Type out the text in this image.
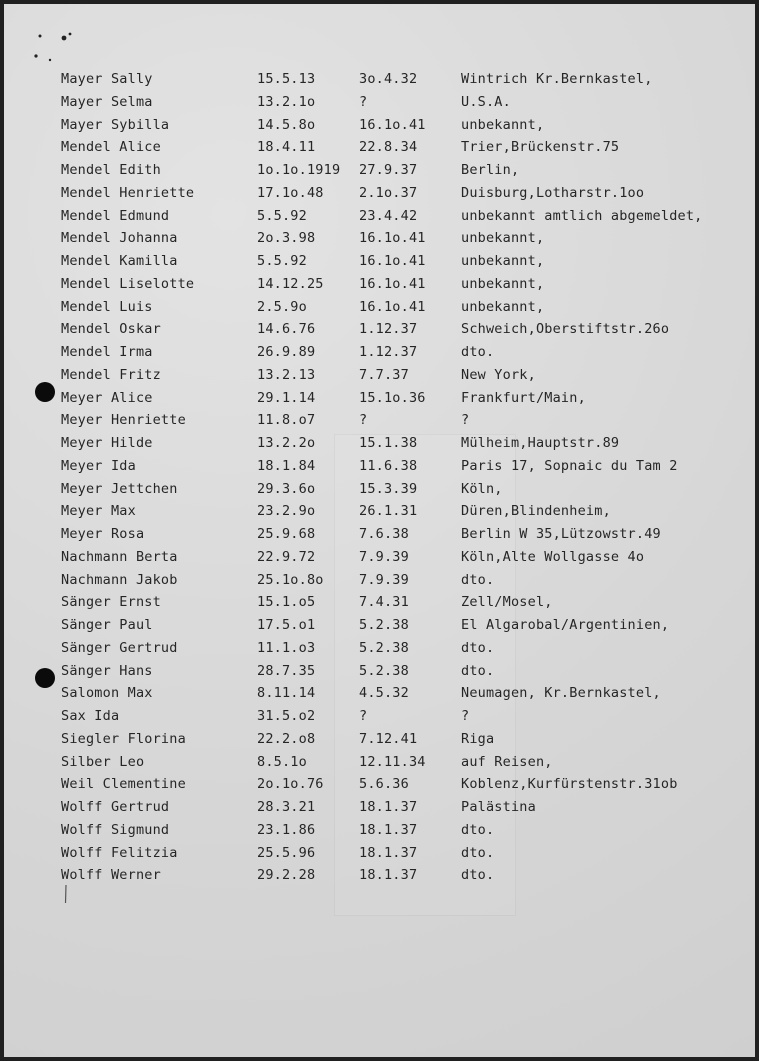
Mayer Sally	15.5.13	3o.4.32	Wintrich Kr.Bernkastel,
Mayer Selma	13.2.1o	?	U.S.A.
Mayer Sybilla	14.5.8o	16.1o.41	unbekannt,
Mendel Alice	18.4.11	22.8.34	Trier,Brückenstr.75
Mendel Edith	1o.1o.1919 27.9.37	Berlin,
Mendel Henriette	17.1o.48	2.1o.37	Duisburg,Lotharstr.1oo
Mendel Edmund	5.5.92	23.4.42	unbekannt amtlich abgemeldet,
Mendel Johanna	2o.3.98	16.1o.41	unbekannt,
Mendel Kamilla	5.5.92	16.1o.41	unbekannt,
Mendel Liselotte	14.12.25	16.1o.41	unbekannt,
Mendel Luis	2.5.9o	16.1o.41	unbekannt,
Mendel Oskar	14.6.76	1.12.37	Schweich,Oberstiftstr.26o
Mendel Irma	26.9.89	1.12.37	dto.
Mendel Fritz	13.2.13	7.7.37	New York,
Meyer Alice	29.1.14	15.1o.36	Frankfurt/Main,
Meyer Henriette	11.8.o7	?	?
Meyer Hilde	13.2.2o	15.1.38	Mülheim,Hauptstr.89
Meyer Ida	18.1.84	11.6.38	Paris 17, Sopnaic du Tam 2
Meyer Jettchen	29.3.6o	15.3.39	Köln,
Meyer Max	23.2.9o	26.1.31	Düren,Blindenheim,
Meyer Rosa	25.9.68	7.6.38	Berlin W 35,Lützowstr.49
Nachmann Berta	22.9.72	7.9.39	Köln,Alte Wollgasse 4o
Nachmann Jakob	25.1o.8o	7.9.39	dto.
Sänger Ernst	15.1.o5	7.4.31	Zell/Mosel,
Sänger Paul	17.5.o1	5.2.38	El Algarobal/Argentinien,
Sänger Gertrud	11.1.o3	5.2.38	dto.
Sänger Hans	28.7.35	5.2.38	dto.
Salomon Max	8.11.14	4.5.32	Neumagen, Kr.Bernkastel,
Sax Ida	31.5.o2	?	?
Siegler Florina	22.2.o8	7.12.41	Riga
Silber Leo	8.5.1o	12.11.34	auf Reisen,
Weil Clementine	2o.1o.76	5.6.36	Koblenz,Kurfürstenstr.31ob
Wolff Gertrud	28.3.21	18.1.37	Palästina
Wolff Sigmund	23.1.86	18.1.37	dto.
Wolff Felitzia	25.5.96	18.1.37	dto.
Wolff Werner	29.2.28	18.1.37	dto.
